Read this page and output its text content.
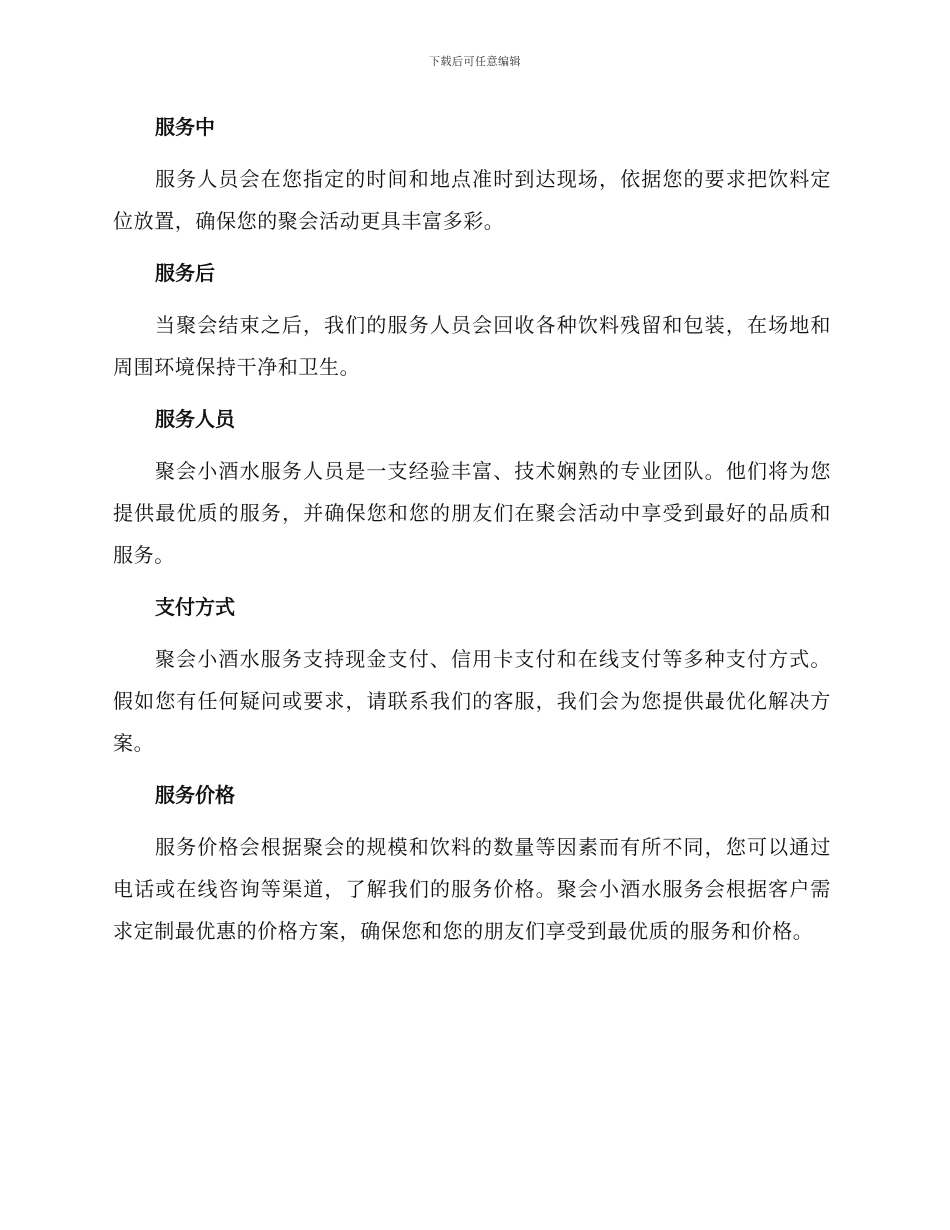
下载后可任意编辑
服务中

服务人员会在您指定的时间和地点准时到达现场，依据您的要求把饮料定位放置，确保您的聚会活动更具丰富多彩。

服务后

当聚会结束之后，我们的服务人员会回收各种饮料残留和包装，在场地和周围环境保持干净和卫生。

服务人员

聚会小酒水服务人员是一支经验丰富、技术娴熟的专业团队。他们将为您提供最优质的服务，并确保您和您的朋友们在聚会活动中享受到最好的品质和服务。

支付方式

聚会小酒水服务支持现金支付、信用卡支付和在线支付等多种支付方式。假如您有任何疑问或要求，请联系我们的客服，我们会为您提供最优化解决方案。

服务价格

服务价格会根据聚会的规模和饮料的数量等因素而有所不同，您可以通过电话或在线咨询等渠道，了解我们的服务价格。聚会小酒水服务会根据客户需求定制最优惠的价格方案，确保您和您的朋友们享受到最优质的服务和价格。
